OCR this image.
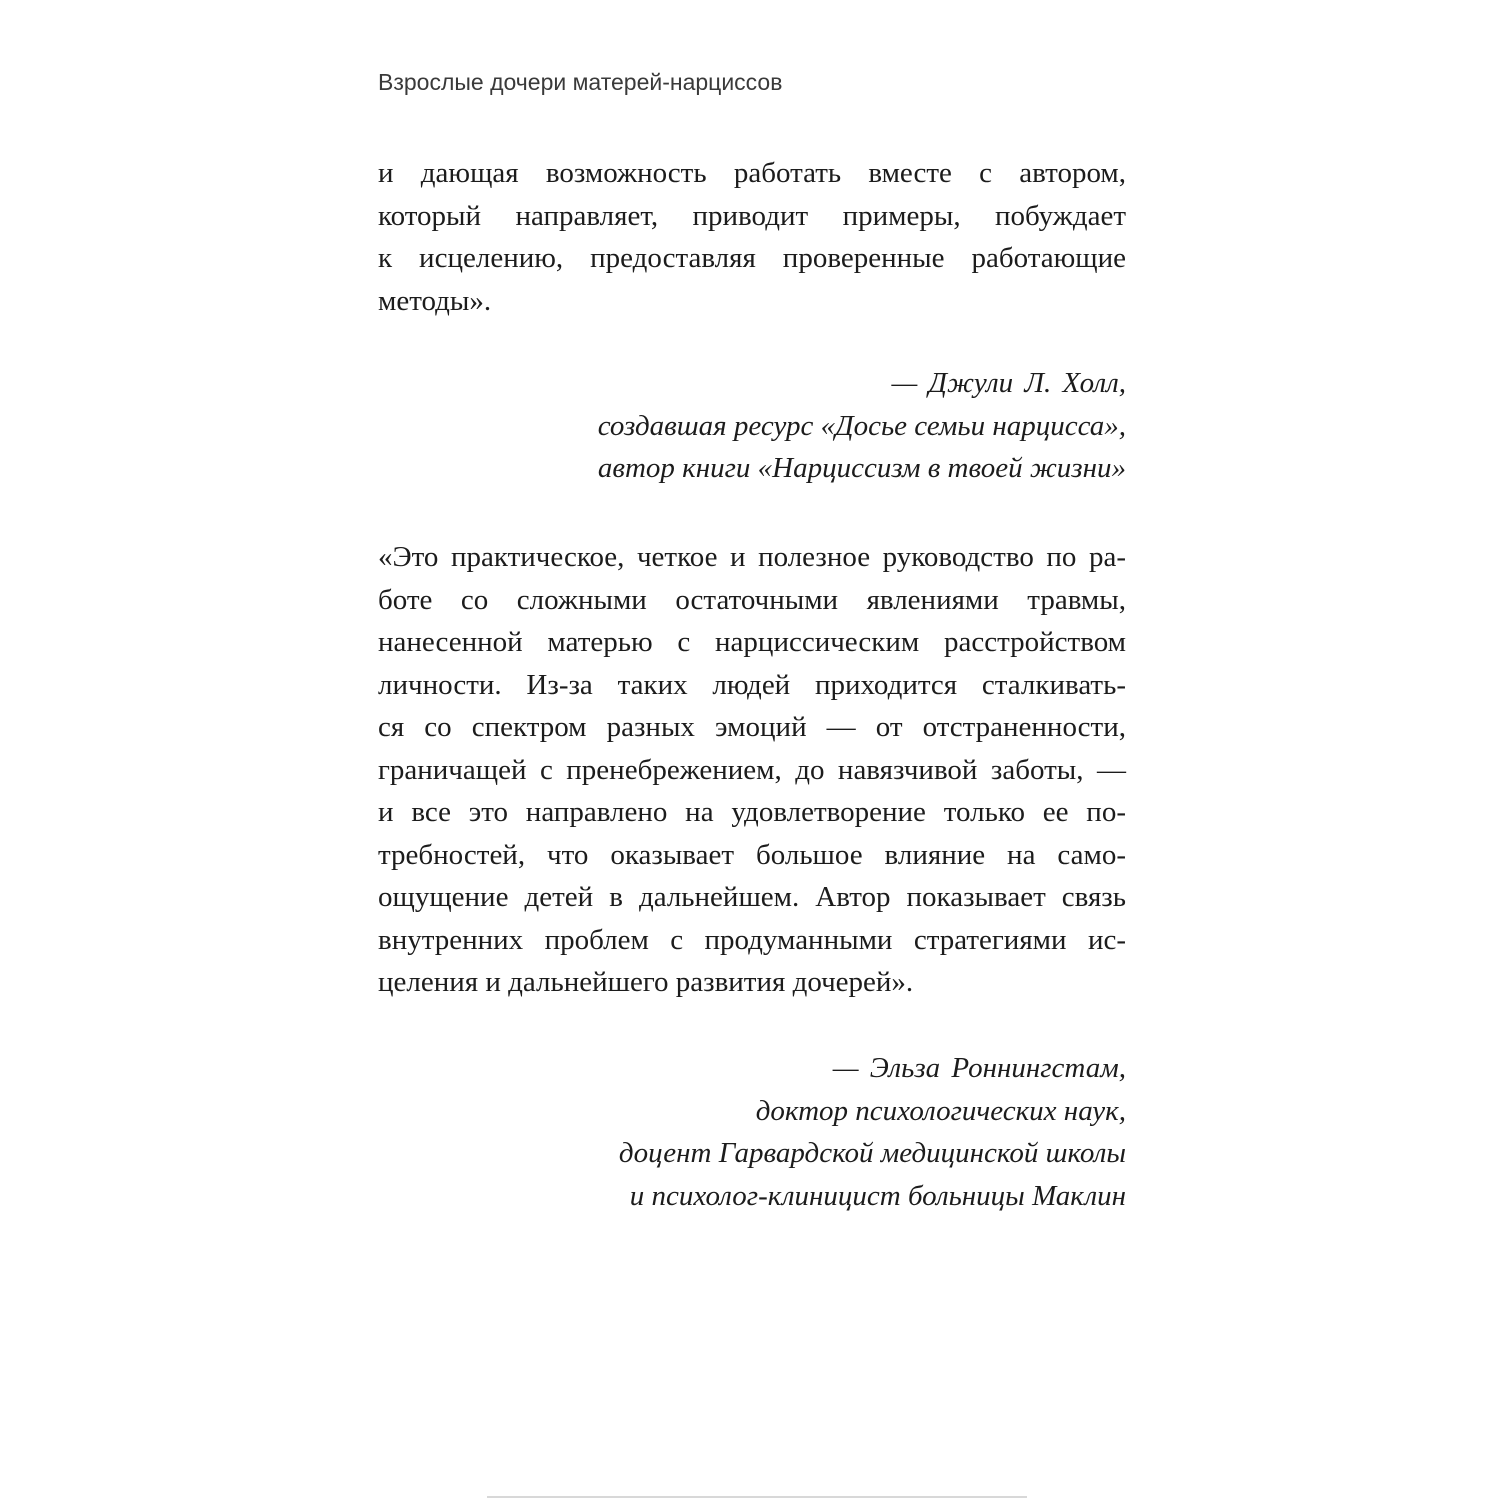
Взрослые дочери матерей-нарциссов

и дающая возможность работать вместе с автором,
который направляет, приводит примеры, побуждает
к исцелению, предоставляя проверенные работающие
методы».
— Джули Л. Холл,
создавшая ресурс «Досье семьи нарцисса»,
автор книги «Нарциссизм в твоей жизни»
«Это практическое, четкое и полезное руководство по ра-
боте со сложными остаточными явлениями травмы,
нанесенной матерью с нарциссическим расстройством
личности. Из-за таких людей приходится сталкивать-
ся со спектром разных эмоций — от отстраненности,
граничащей с пренебрежением, до навязчивой заботы, —
и все это направлено на удовлетворение только ее по-
требностей, что оказывает большое влияние на само-
ощущение детей в дальнейшем. Автор показывает связь
внутренних проблем с продуманными стратегиями ис-
целения и дальнейшего развития дочерей».
— Эльза Роннингстам,
доктор психологических наук,
доцент Гарвардской медицинской школы
и психолог-клиницист больницы Маклин
